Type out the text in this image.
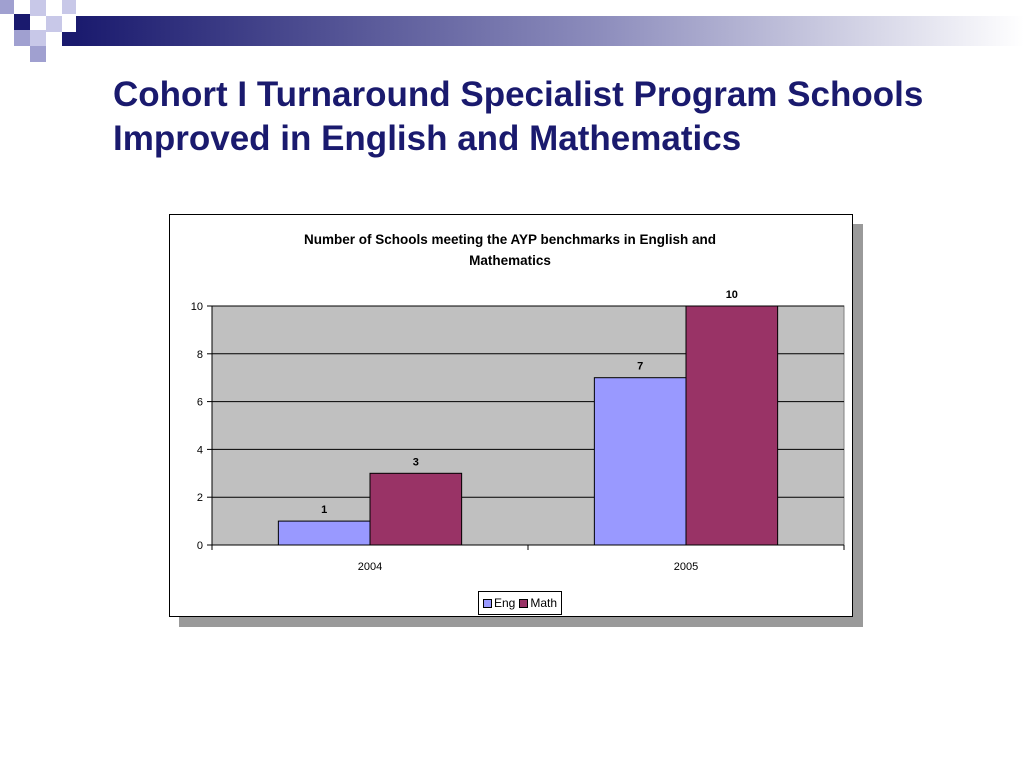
Cohort I Turnaround Specialist Program Schools
Improved in English and Mathematics
Number of Schools meeting the AYP benchmarks in English and
Mathematics
0
2
4
6
8
10
1
3
2004
7
10
2005
Eng Math
